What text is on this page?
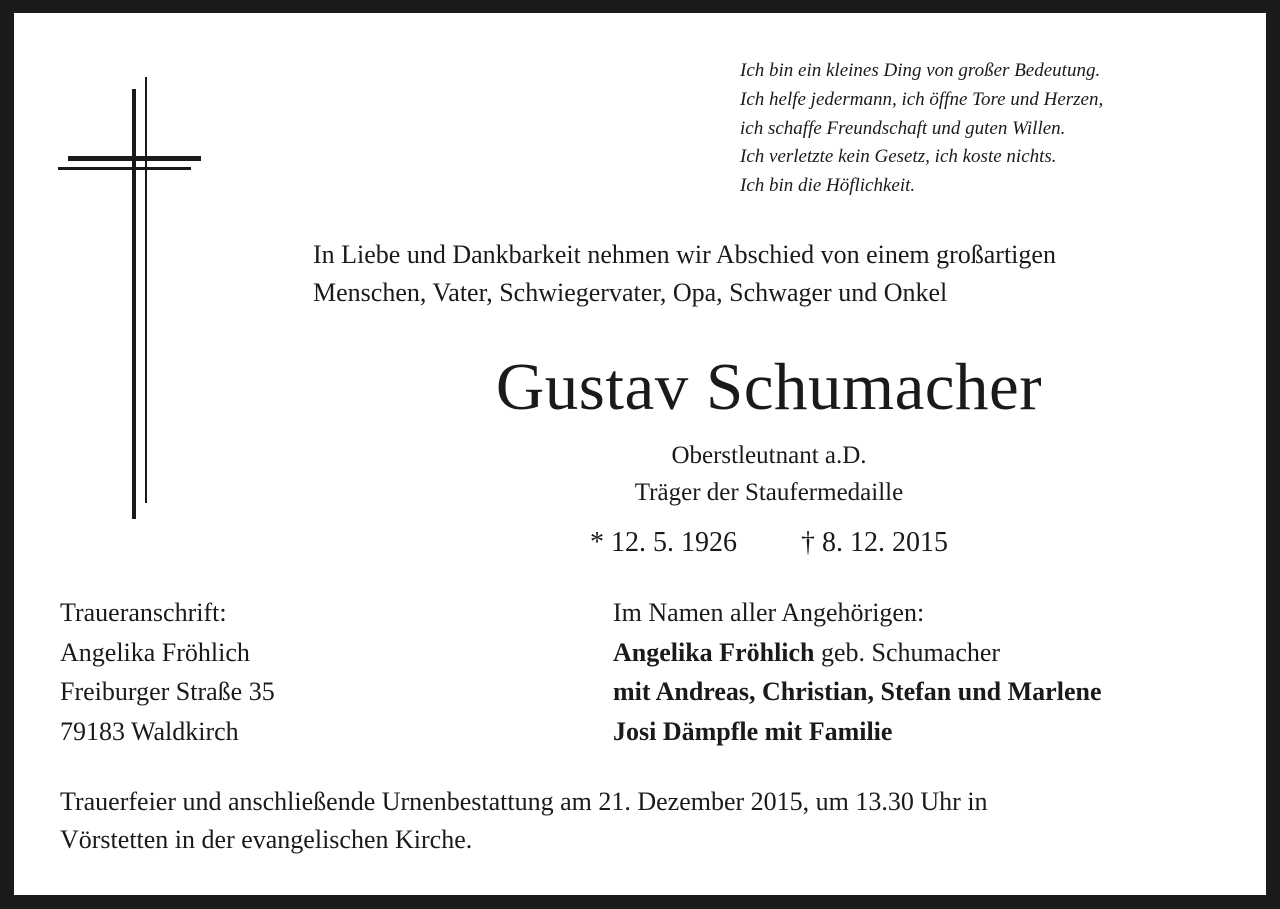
Ich bin ein kleines Ding von großer Bedeutung.
Ich helfe jedermann, ich öffne Tore und Herzen,
ich schaffe Freundschaft und guten Willen.
Ich verletzte kein Gesetz, ich koste nichts.
Ich bin die Höflichkeit.
In Liebe und Dankbarkeit nehmen wir Abschied von einem großartigen
Menschen, Vater, Schwiegervater, Opa, Schwager und Onkel
Gustav Schumacher
Oberstleutnant a.D.
Träger der Staufermedaille
* 12. 5. 1926 † 8. 12. 2015
Traueranschrift:
Angelika Fröhlich
Freiburger Straße 35
79183 Waldkirch
Im Namen aller Angehörigen:
Angelika Fröhlich geb. Schumacher
mit Andreas, Christian, Stefan und Marlene
Josi Dämpfle mit Familie
Trauerfeier und anschließende Urnenbestattung am 21. Dezember 2015, um 13.30 Uhr in
Vörstetten in der evangelischen Kirche.
